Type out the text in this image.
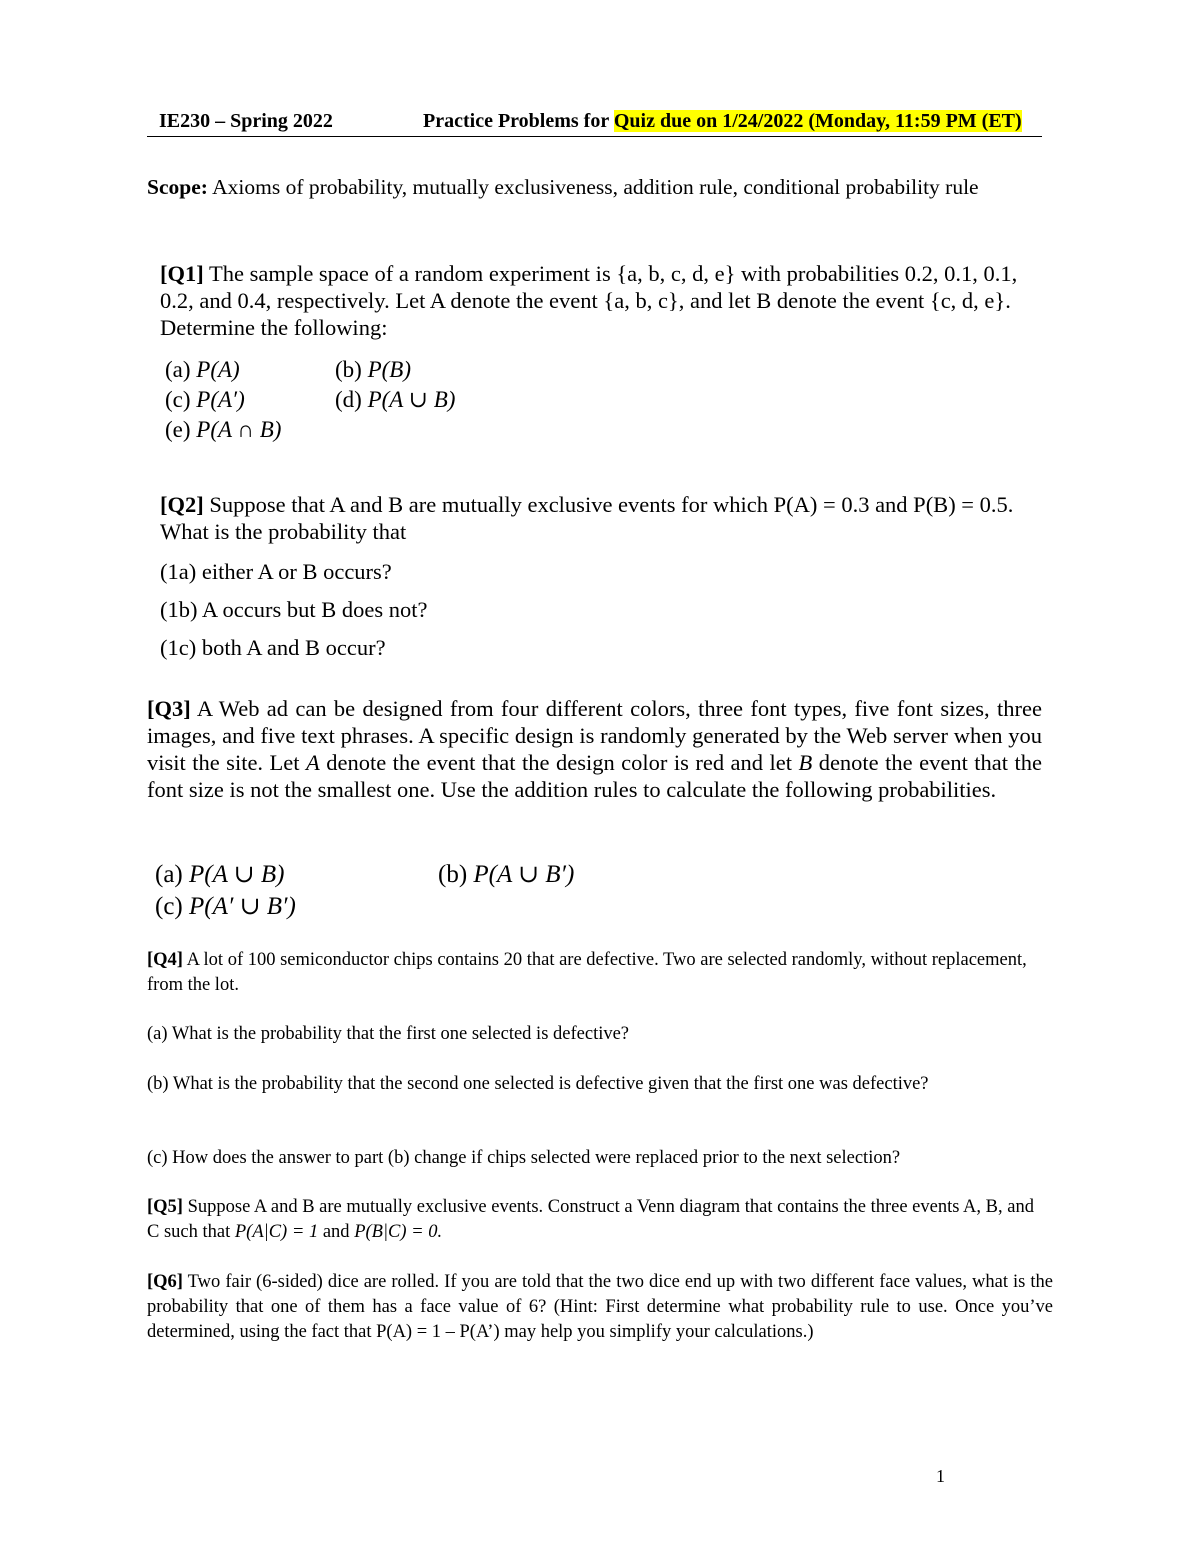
IE230 – Spring 2022	Practice Problems for Quiz due on 1/24/2022 (Monday, 11:59 PM (ET)
Scope: Axioms of probability, mutually exclusiveness, addition rule, conditional probability rule
[Q1] The sample space of a random experiment is {a, b, c, d, e} with probabilities 0.2, 0.1, 0.1, 0.2, and 0.4, respectively. Let A denote the event {a, b, c}, and let B denote the event {c, d, e}. Determine the following:
(a) P(A)	(b) P(B)
(c) P(A′)	(d) P(A ∪ B)
(e) P(A ∩ B)
[Q2] Suppose that A and B are mutually exclusive events for which P(A) = 0.3 and P(B) = 0.5. What is the probability that
(1a) either A or B occurs?
(1b) A occurs but B does not?
(1c) both A and B occur?
[Q3] A Web ad can be designed from four different colors, three font types, five font sizes, three images, and five text phrases. A specific design is randomly generated by the Web server when you visit the site. Let A denote the event that the design color is red and let B denote the event that the font size is not the smallest one. Use the addition rules to calculate the following probabilities.
(a) P(A ∪ B)	(b) P(A ∪ B′)
(c) P(A′ ∪ B′)
[Q4] A lot of 100 semiconductor chips contains 20 that are defective. Two are selected randomly, without replacement, from the lot.
(a) What is the probability that the first one selected is defective?
(b) What is the probability that the second one selected is defective given that the first one was defective?
(c) How does the answer to part (b) change if chips selected were replaced prior to the next selection?
[Q5] Suppose A and B are mutually exclusive events. Construct a Venn diagram that contains the three events A, B, and C such that P(A|C) = 1 and P(B|C) = 0.
[Q6] Two fair (6-sided) dice are rolled. If you are told that the two dice end up with two different face values, what is the probability that one of them has a face value of 6? (Hint: First determine what probability rule to use. Once you’ve determined, using the fact that P(A) = 1 – P(A’) may help you simplify your calculations.)
1
